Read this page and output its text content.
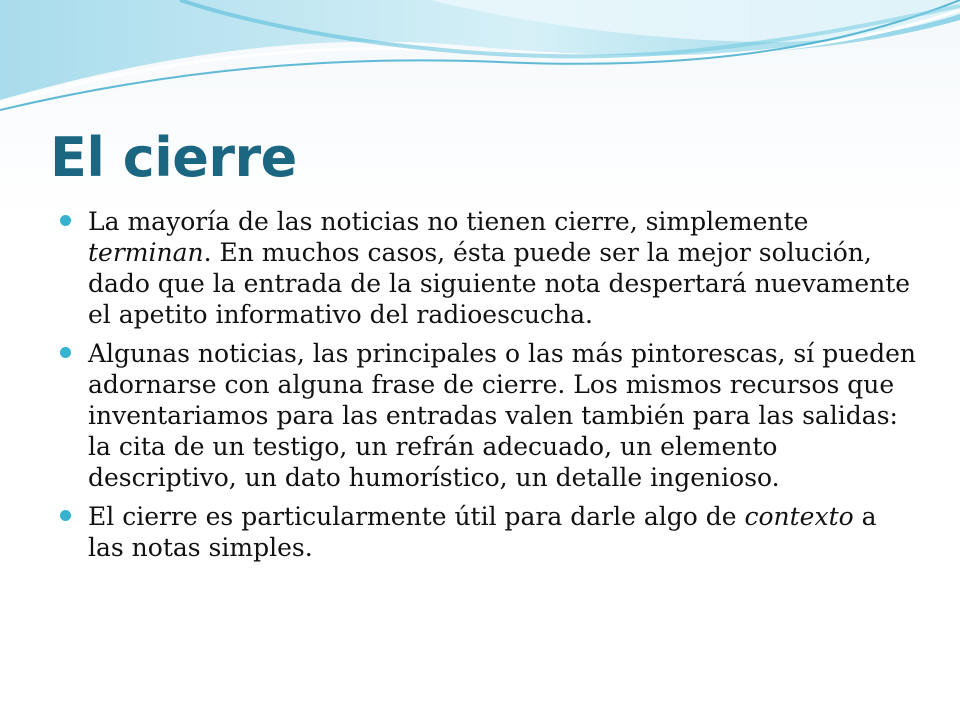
El cierre
La mayoría de las noticias no tienen cierre, simplemente terminan. En muchos casos, ésta puede ser la mejor solución, dado que la entrada de la siguiente nota despertará nuevamente el apetito informativo del radioescucha.
Algunas noticias, las principales o las más pintorescas, sí pueden adornarse con alguna frase de cierre. Los mismos recursos que inventariamos para las entradas valen también para las salidas: la cita de un testigo, un refrán adecuado, un elemento descriptivo, un dato humorístico, un detalle ingenioso.
El cierre es particularmente útil para darle algo de contexto a las notas simples.
